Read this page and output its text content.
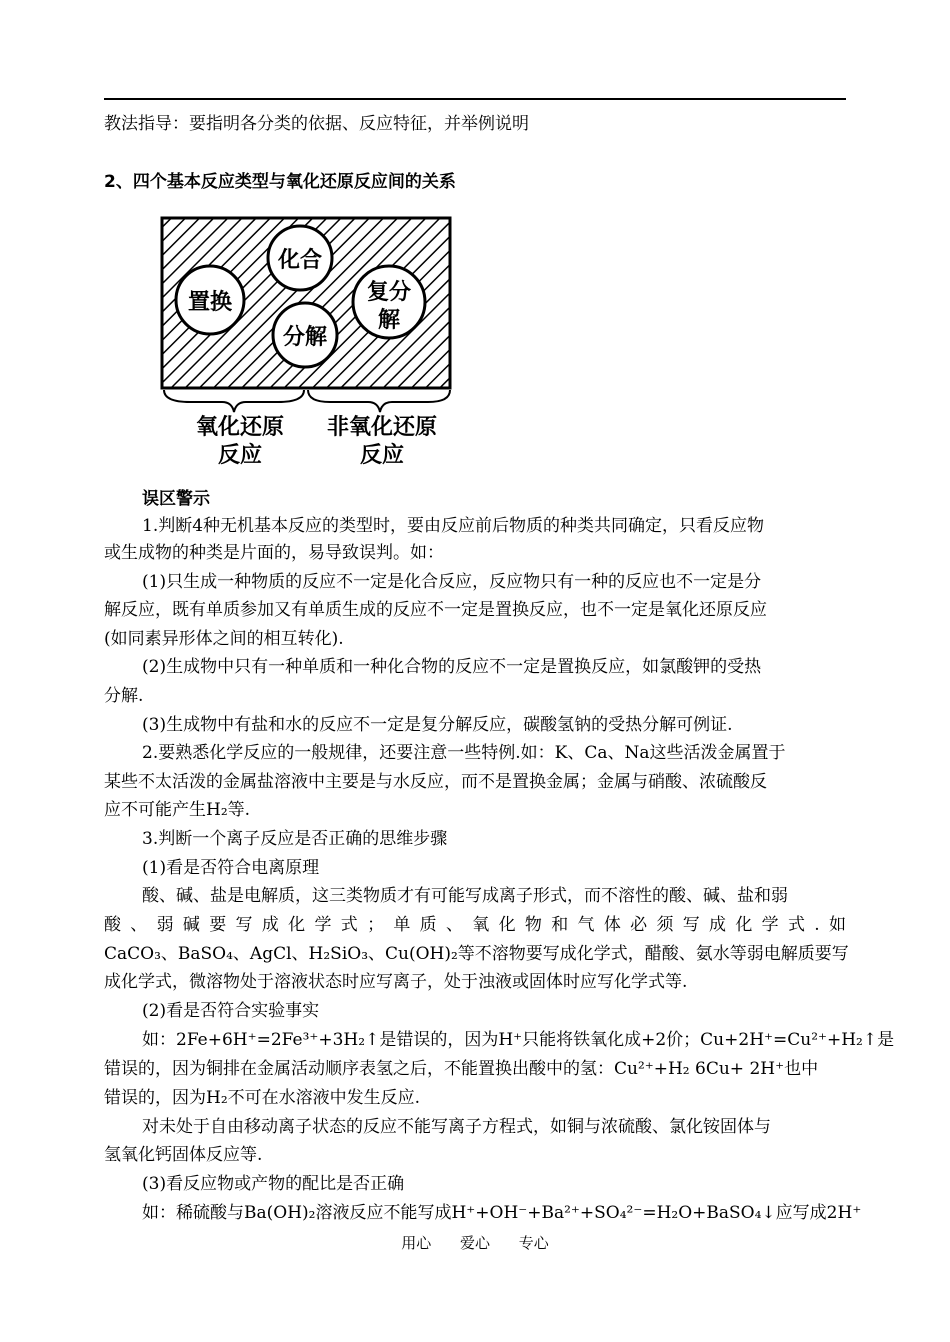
教法指导：要指明各分类的依据、反应特征，并举例说明
2、四个基本反应类型与氧化还原反应间的关系
化合
置换
分解
复分
解
氧化还原
反应
非氧化还原
反应
误区警示
1.判断4种无机基本反应的类型时，要由反应前后物质的种类共同确定，只看反应物
或生成物的种类是片面的，易导致误判。如：
(1)只生成一种物质的反应不一定是化合反应，反应物只有一种的反应也不一定是分
解反应，既有单质参加又有单质生成的反应不一定是置换反应，也不一定是氧化还原反应
(如同素异形体之间的相互转化).
(2)生成物中只有一种单质和一种化合物的反应不一定是置换反应，如氯酸钾的受热
分解.
(3)生成物中有盐和水的反应不一定是复分解反应，碳酸氢钠的受热分解可例证.
2.要熟悉化学反应的一般规律，还要注意一些特例.如：K、Ca、Na这些活泼金属置于
某些不太活泼的金属盐溶液中主要是与水反应，而不是置换金属；金属与硝酸、浓硫酸反
应不可能产生H₂等.
3.判断一个离子反应是否正确的思维步骤
(1)看是否符合电离原理
酸、碱、盐是电解质，这三类物质才有可能写成离子形式，而不溶性的酸、碱、盐和弱
酸、弱碱要写成化学式；单质、氧化物和气体必须写成化学式.如
CaCO₃、BaSO₄、AgCl、H₂SiO₃、Cu(OH)₂等不溶物要写成化学式，醋酸、氨水等弱电解质要写
成化学式，微溶物处于溶液状态时应写离子，处于浊液或固体时应写化学式等.
(2)看是否符合实验事实
如：2Fe+6H⁺=2Fe³⁺+3H₂↑是错误的，因为H⁺只能将铁氧化成+2价；Cu+2H⁺=Cu²⁺+H₂↑是
错误的，因为铜排在金属活动顺序表氢之后，不能置换出酸中的氢：Cu²⁺+H₂ 6Cu+ 2H⁺也中
错误的，因为H₂不可在水溶液中发生反应.
对未处于自由移动离子状态的反应不能写离子方程式，如铜与浓硫酸、氯化铵固体与
氢氧化钙固体反应等.
(3)看反应物或产物的配比是否正确
如：稀硫酸与Ba(OH)₂溶液反应不能写成H⁺+OH⁻+Ba²⁺+SO₄²⁻=H₂O+BaSO₄↓应写成2H⁺
用心 爱心 专心
